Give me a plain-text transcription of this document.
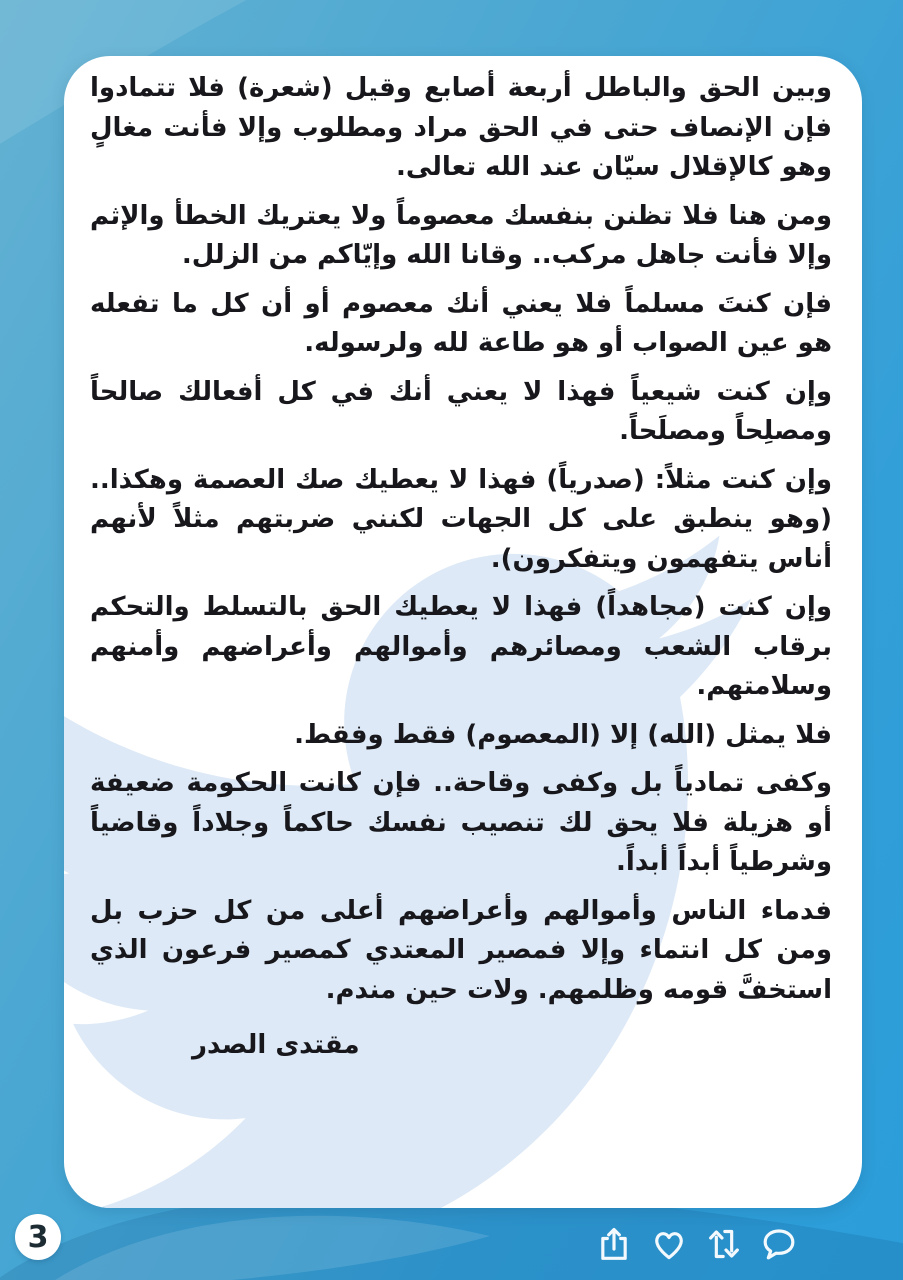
وبين الحق والباطل أربعة أصابع وقيل (شعرة) فلا تتمادوا فإن الإنصاف حتى في الحق مراد ومطلوب وإلا فأنت مغالٍ وهو كالإقلال سيّان عند الله تعالى.

ومن هنا فلا تظنن بنفسك معصوماً ولا يعتريك الخطأ والإثم وإلا فأنت جاهل مركب.. وقانا الله وإيّاكم من الزلل.

فإن كنتَ مسلماً فلا يعني أنك معصوم أو أن كل ما تفعله هو عين الصواب أو هو طاعة لله ولرسوله.

وإن كنت شيعياً فهذا لا يعني أنك في كل أفعالك صالحاً ومصلِحاً ومصلَحاً.

وإن كنت مثلاً: (صدرياً) فهذا لا يعطيك صك العصمة وهكذا.. (وهو ينطبق على كل الجهات لكنني ضربتهم مثلاً لأنهم أناس يتفهمون ويتفكرون).

وإن كنت (مجاهداً) فهذا لا يعطيك الحق بالتسلط والتحكم برقاب الشعب ومصائرهم وأموالهم وأعراضهم وأمنهم وسلامتهم.

فلا يمثل (الله) إلا (المعصوم) فقط وفقط.

وكفى تمادياً بل وكفى وقاحة.. فإن كانت الحكومة ضعيفة أو هزيلة فلا يحق لك تنصيب نفسك حاكماً وجلاداً وقاضياً وشرطياً أبداً أبداً.

فدماء الناس وأموالهم وأعراضهم أعلى من كل حزب بل ومن كل انتماء وإلا فمصير المعتدي كمصير فرعون الذي استخفَّ قومه وظلمهم. ولات حين مندم.

مقتدى الصدر
3
